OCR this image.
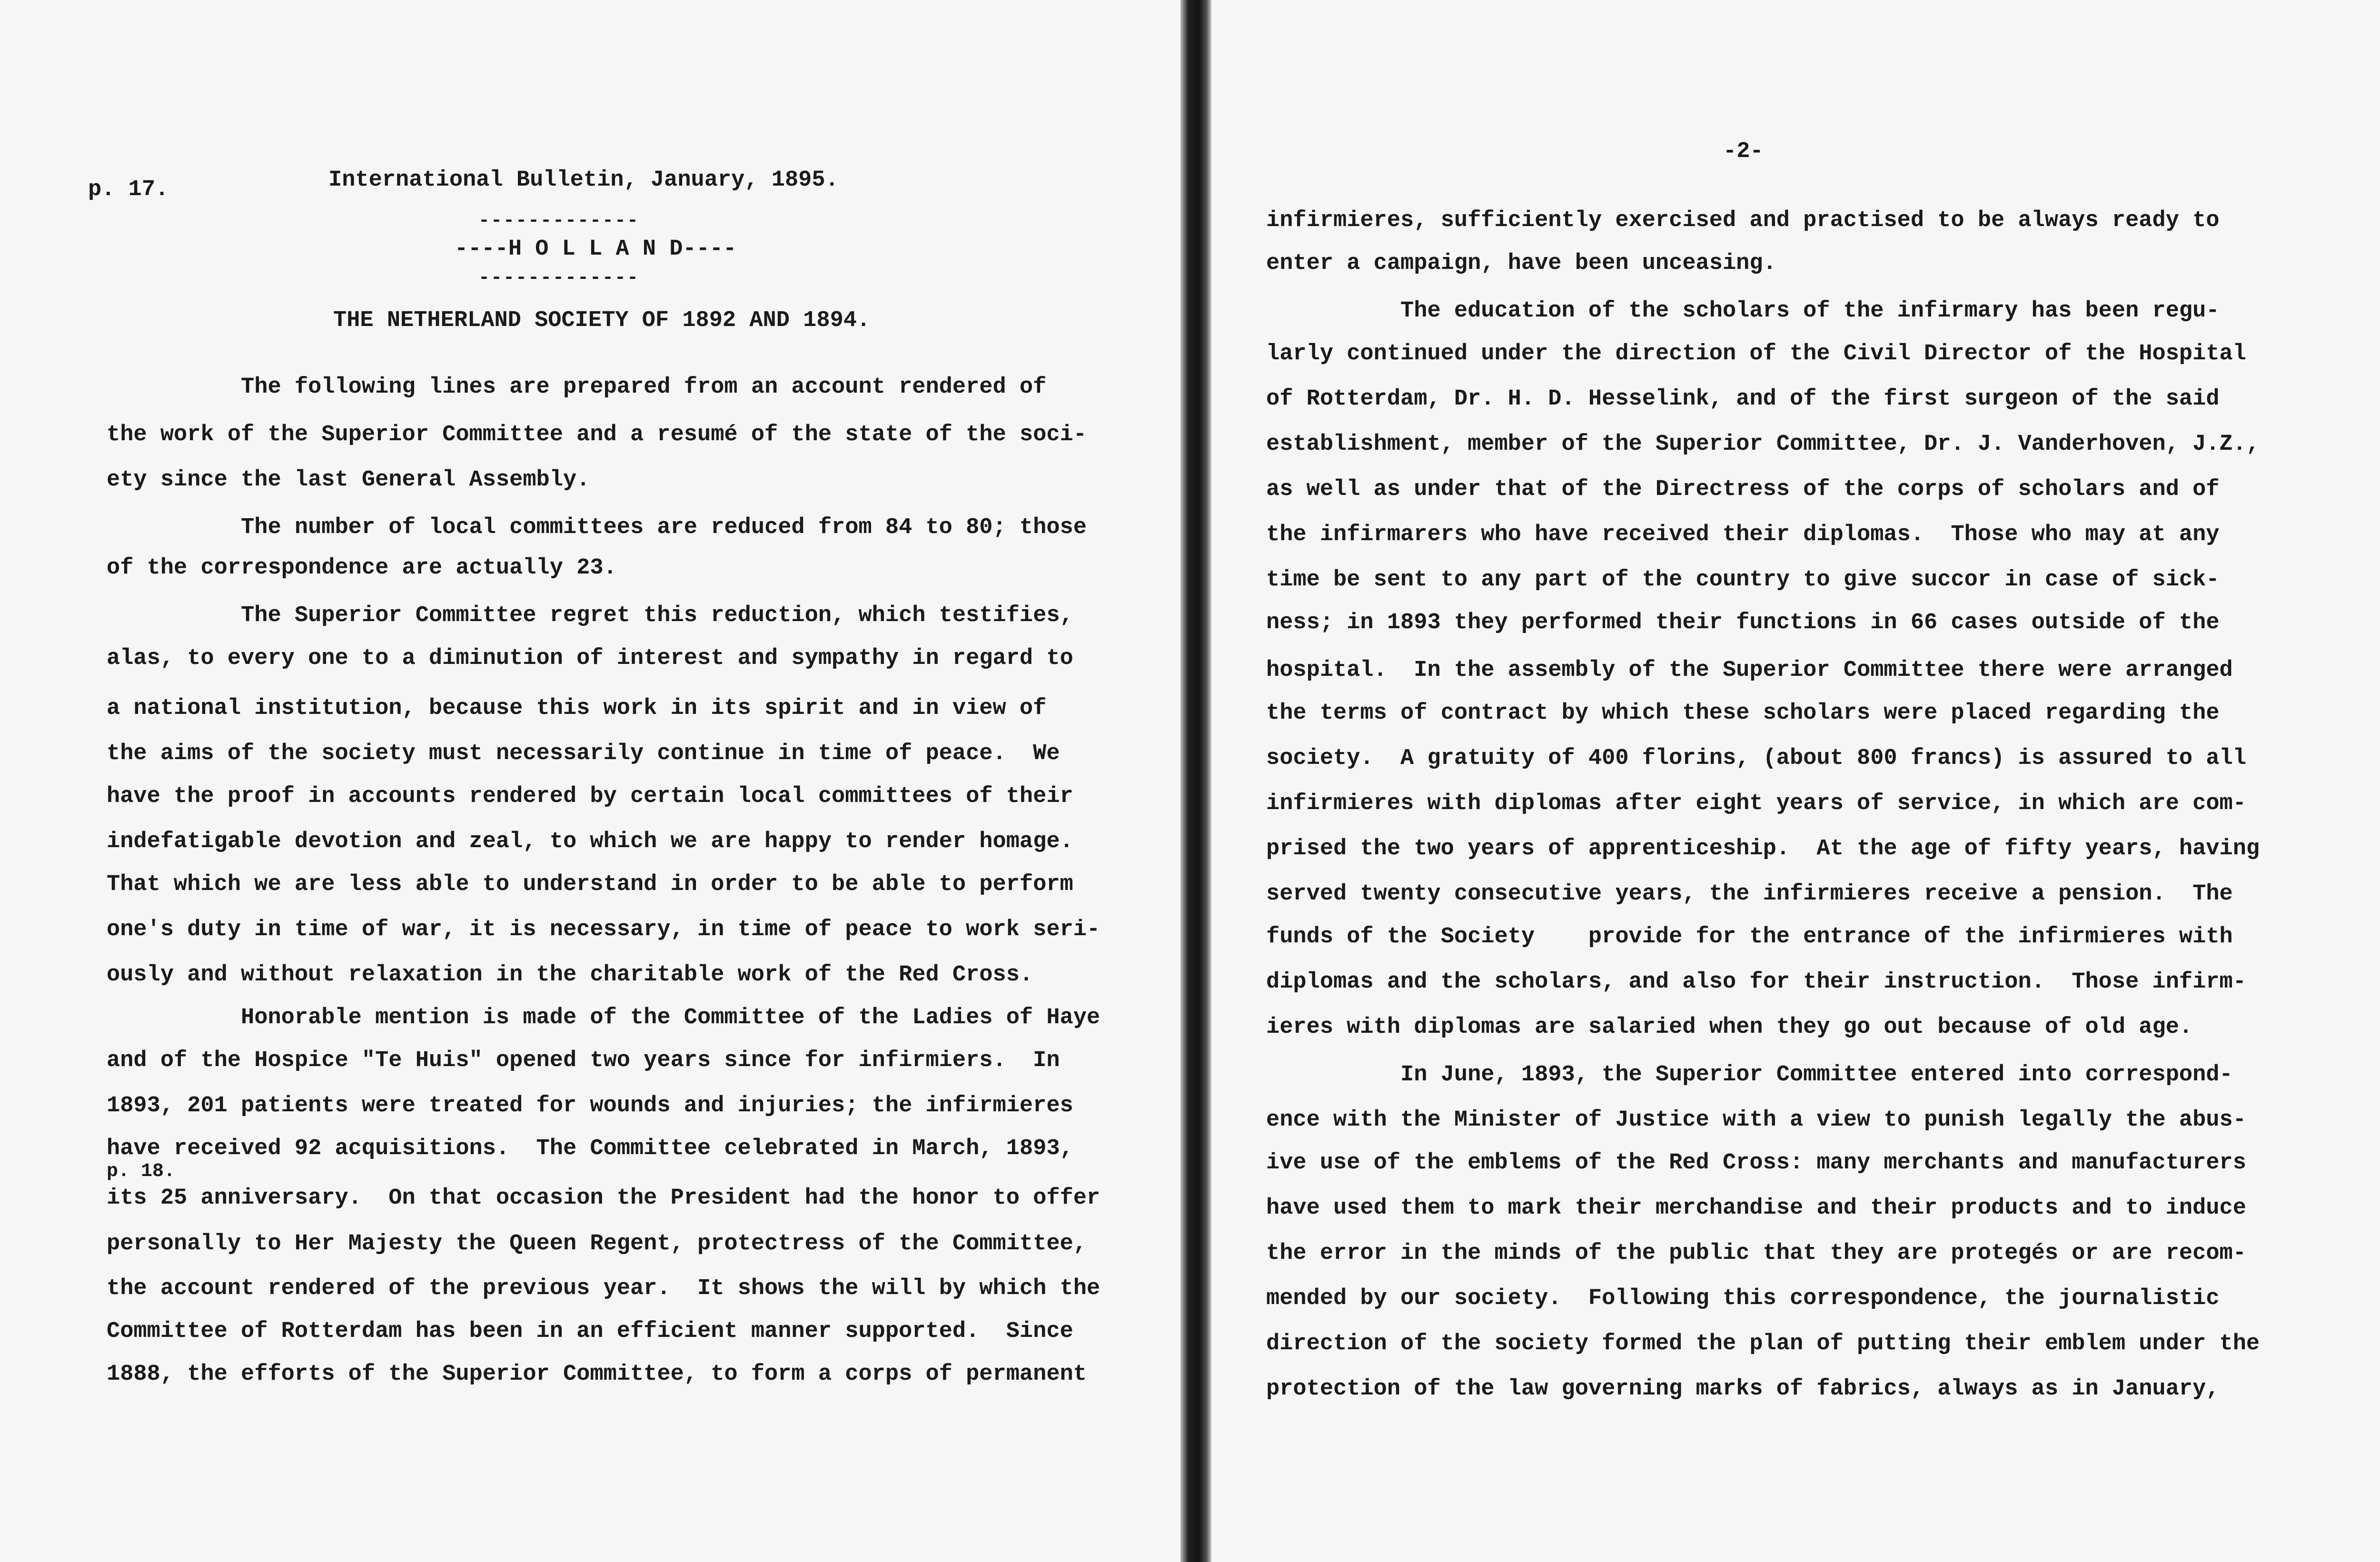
p. 17.	International Bulletin, January, 1895.
-------------
----H O L L A N D----
-------------
THE NETHERLAND SOCIETY OF 1892 AND 1894.
p. 18.
The following lines are prepared from an account rendered of
the work of the Superior Committee and a resumé of the state of the soci-
ety since the last General Assembly.
The number of local committees are reduced from 84 to 80; those
of the correspondence are actually 23.
The Superior Committee regret this reduction, which testifies,
alas, to every one to a diminution of interest and sympathy in regard to
a national institution, because this work in its spirit and in view of
the aims of the society must necessarily continue in time of peace.  We
have the proof in accounts rendered by certain local committees of their
indefatigable devotion and zeal, to which we are happy to render homage.
That which we are less able to understand in order to be able to perform
one's duty in time of war, it is necessary, in time of peace to work seri-
ously and without relaxation in the charitable work of the Red Cross.
Honorable mention is made of the Committee of the Ladies of Haye
and of the Hospice "Te Huis" opened two years since for infirmiers.  In
1893, 201 patients were treated for wounds and injuries; the infirmieres
have received 92 acquisitions.  The Committee celebrated in March, 1893,
its 25 anniversary.  On that occasion the President had the honor to offer
personally to Her Majesty the Queen Regent, protectress of the Committee,
the account rendered of the previous year.  It shows the will by which the
Committee of Rotterdam has been in an efficient manner supported.  Since
1888, the efforts of the Superior Committee, to form a corps of permanent
-2-
infirmieres, sufficiently exercised and practised to be always ready to
enter a campaign, have been unceasing.
The education of the scholars of the infirmary has been regu-
larly continued under the direction of the Civil Director of the Hospital
of Rotterdam, Dr. H. D. Hesselink, and of the first surgeon of the said
establishment, member of the Superior Committee, Dr. J. Vanderhoven, J.Z.,
as well as under that of the Directress of the corps of scholars and of
the infirmarers who have received their diplomas.  Those who may at any
time be sent to any part of the country to give succor in case of sick-
ness; in 1893 they performed their functions in 66 cases outside of the
hospital.  In the assembly of the Superior Committee there were arranged
the terms of contract by which these scholars were placed regarding the
society.  A gratuity of 400 florins, (about 800 francs) is assured to all
infirmieres with diplomas after eight years of service, in which are com-
prised the two years of apprenticeship.  At the age of fifty years, having
served twenty consecutive years, the infirmieres receive a pension.  The
funds of the Society    provide for the entrance of the infirmieres with
diplomas and the scholars, and also for their instruction.  Those infirm-
ieres with diplomas are salaried when they go out because of old age.
In June, 1893, the Superior Committee entered into correspond-
ence with the Minister of Justice with a view to punish legally the abus-
ive use of the emblems of the Red Cross: many merchants and manufacturers
have used them to mark their merchandise and their products and to induce
the error in the minds of the public that they are protegés or are recom-
mended by our society.  Following this correspondence, the journalistic
direction of the society formed the plan of putting their emblem under the
protection of the law governing marks of fabrics, always as in January,
